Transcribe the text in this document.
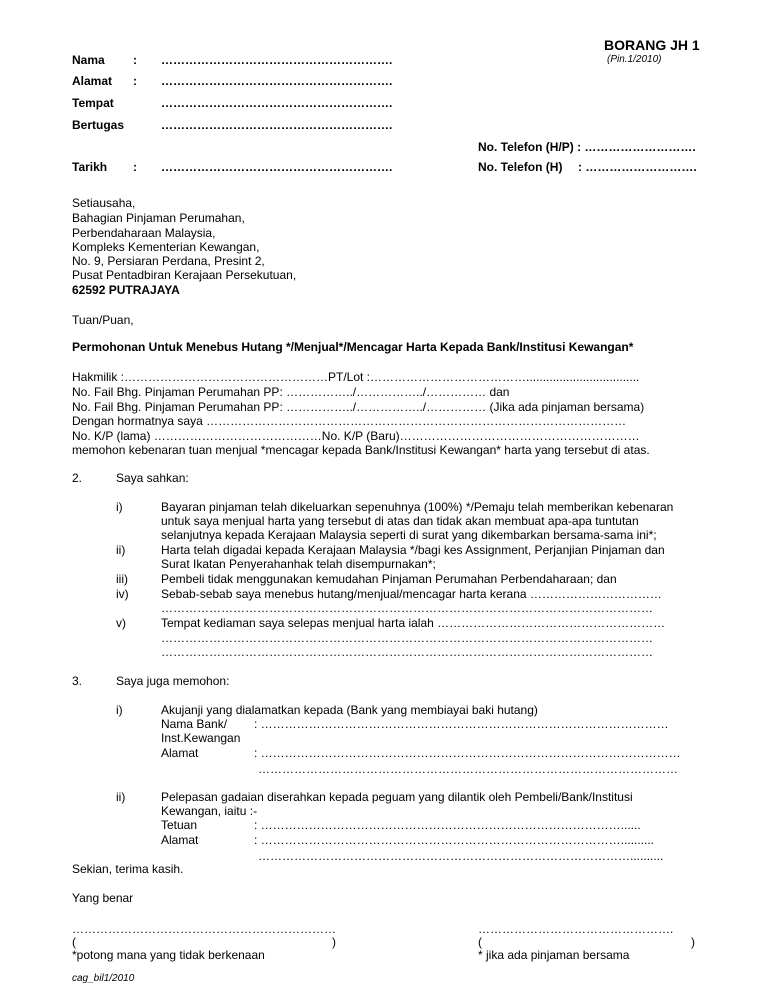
BORANG JH 1
(Pin.1/2010)
Nama : ………………………………………………….
Alamat : ………………………………………………….
Tempat	………………………………………………….
Bertugas	………………………………………………….
Tarikh : ………………………………………………….
No. Telefon (H/P) : ……………………….
No. Telefon (H) : ……………………….
Setiausaha,
Bahagian Pinjaman Perumahan,
Perbendaharaan Malaysia,
Kompleks Kementerian Kewangan,
No. 9, Persiaran Perdana, Presint 2,
Pusat Pentadbiran Kerajaan Persekutuan,
62592 PUTRAJAYA
Tuan/Puan,
Permohonan Untuk Menebus Hutang */Menjual*/Mencagar Harta Kepada Bank/Institusi Kewangan*
Hakmilik :……………………………………………PT/Lot :…………………………………..................................
No. Fail Bhg. Pinjaman Perumahan PP: ……………../……………../…………… dan
No. Fail Bhg. Pinjaman Perumahan PP: ……………../……………../…………… (Jika ada pinjaman bersama)
Dengan hormatnya saya ……………………………………………………………………………………………
No. K/P (lama) ……………………………………No. K/P (Baru)……………………………………………………
memohon kebenaran tuan menjual *mencagar kepada Bank/Institusi Kewangan* harta yang tersebut di atas.
2.	Saya sahkan:
i)	Bayaran pinjaman telah dikeluarkan sepenuhnya (100%) */Pemaju telah memberikan kebenaran
untuk saya menjual harta yang tersebut di atas dan tidak akan membuat apa-apa tuntutan
selanjutnya kepada Kerajaan Malaysia seperti di surat yang dikembarkan bersama-sama ini*;
ii)	Harta telah digadai kepada Kerajaan Malaysia */bagi kes Assignment, Perjanjian Pinjaman dan
Surat Ikatan Penyerahanhak telah disempurnakan*;
iii)	Pembeli tidak menggunakan kemudahan Pinjaman Perumahan Perbendaharaan; dan
iv)	Sebab-sebab saya menebus hutang/menjual/mencagar harta kerana ……………………………
……………………………………………………………………………………………………………
v)	Tempat kediaman saya selepas menjual harta ialah …………………………………………………
……………………………………………………………………………………………………………
……………………………………………………………………………………………………………
3.	Saya juga memohon:
i)	Akujanji yang dialamatkan kepada (Bank yang membiayai baki hutang)
Nama Bank/ : …………………………………………………………………………………………
Inst.Kewangan
Alamat	: ……………………………………………………………………………………………
……………………………………………………………………………………………
ii)	Pelepasan gadaian diserahkan kepada peguam yang dilantik oleh Pembeli/Bank/Institusi
Kewangan, iaitu :-
Tetuan	: ………………………………………………………………………………......
Alamat	: ………………………………………………………………………………..........
…………………………………………………………………………………..........
Sekian, terima kasih.
Yang benar
…………………………………………………………
(	)
*potong mana yang tidak berkenaan
………………………………………….
(	)
* jika ada pinjaman bersama
cag_bil1/2010
